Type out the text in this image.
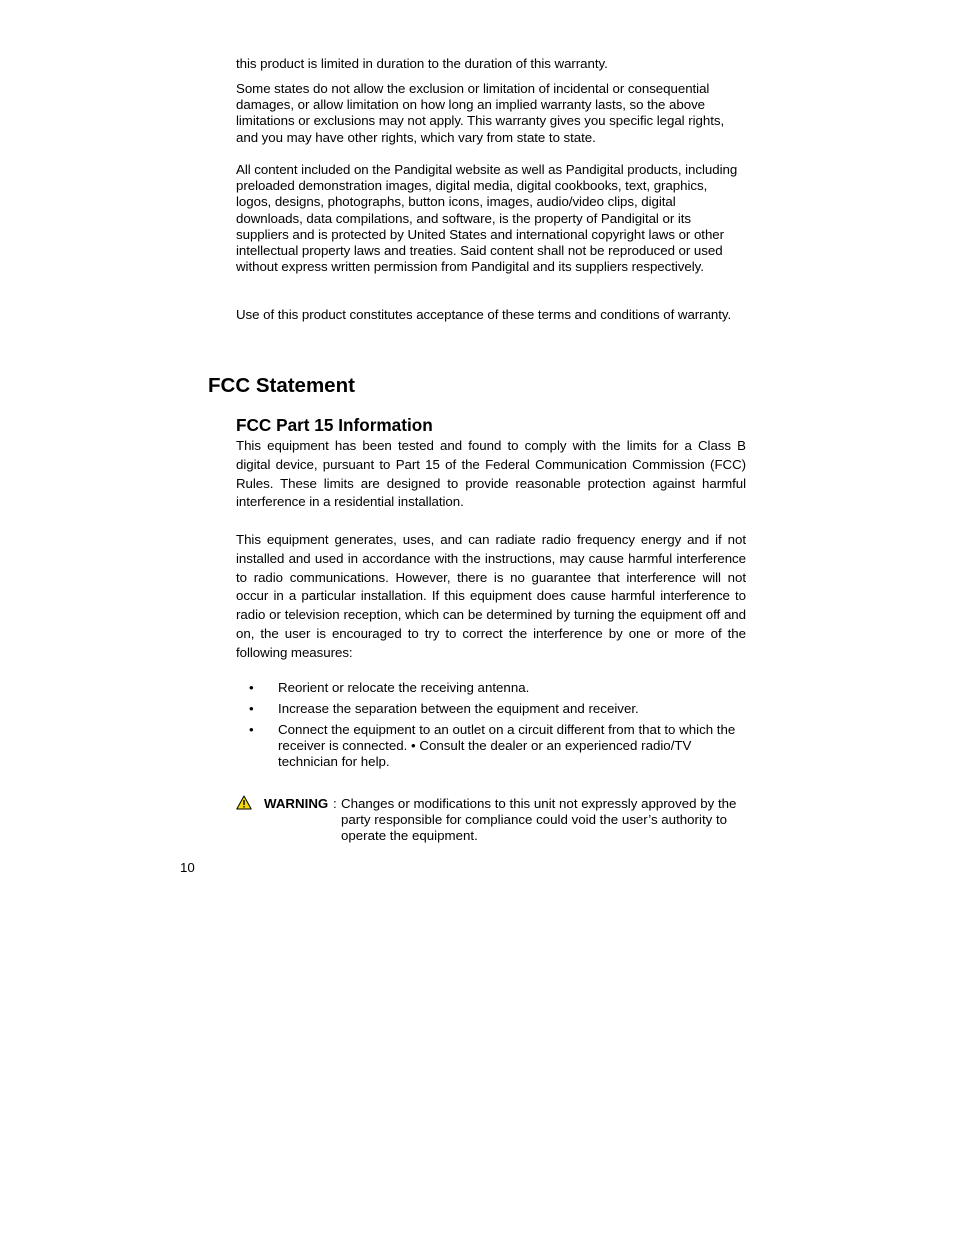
this product is limited in duration to the duration of this warranty.

Some states do not allow the exclusion or limitation of incidental or consequential damages, or allow limitation on how long an implied warranty lasts, so the above limitations or exclusions may not apply. This warranty gives you specific legal rights, and you may have other rights, which vary from state to state.

All content included on the Pandigital website as well as Pandigital products, including preloaded demonstration images, digital media, digital cookbooks, text, graphics, logos, designs, photographs, button icons, images, audio/video clips, digital downloads, data compilations, and software, is the property of Pandigital or its suppliers and is protected by United States and international copyright laws or other intellectual property laws and treaties. Said content shall not be reproduced or used without express written permission from Pandigital and its suppliers respectively.

Use of this product constitutes acceptance of these terms and conditions of warranty.

FCC Statement
FCC Part 15 Information

This equipment has been tested and found to comply with the limits for a Class B digital device, pursuant to Part 15 of the Federal Communication Commission (FCC) Rules. These limits are designed to provide reasonable protection against harmful interference in a residential installation.

This equipment generates, uses, and can radiate radio frequency energy and if not installed and used in accordance with the instructions, may cause harmful interference to radio communications. However, there is no guarantee that interference will not occur in a particular installation. If this equipment does cause harmful interference to radio or television reception, which can be determined by turning the equipment off and on, the user is encouraged to try to correct the interference by one or more of the following measures:

• Reorient or relocate the receiving antenna.
• Increase the separation between the equipment and receiver.
• Connect the equipment to an outlet on a circuit different from that to which the receiver is connected. • Consult the dealer or an experienced radio/TV technician for help.
WARNING : Changes or modifications to this unit not expressly approved by the party responsible for compliance could void the user’s authority to operate the equipment.
10
